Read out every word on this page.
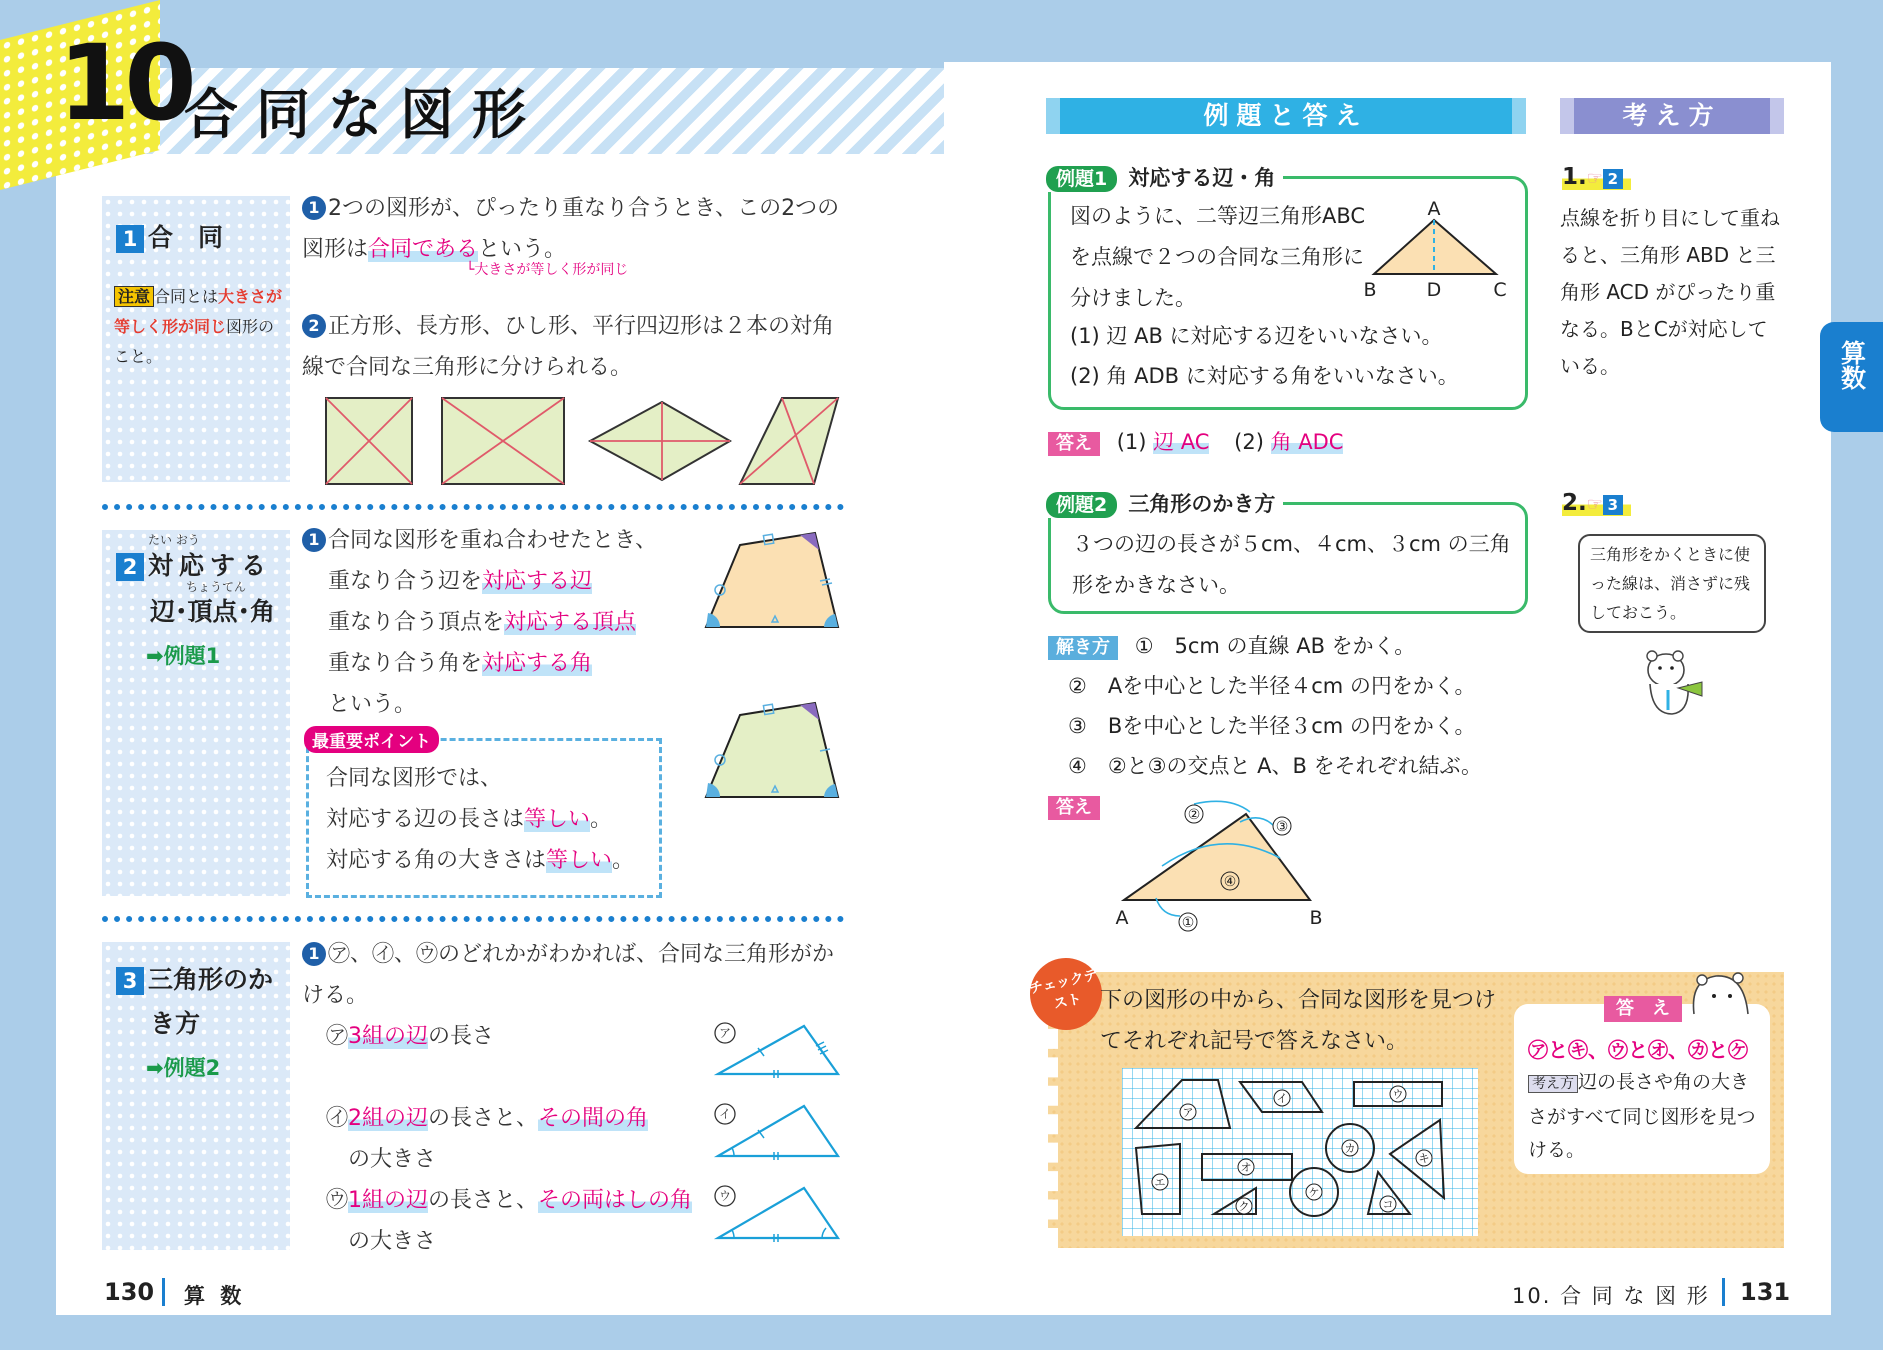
10
合同な図形
1 合　同
注意 合同とは大きさが等しく形が同じ図形のこと。
1 2つの図形が、ぴったり重なり合うとき、この2つの図形は合同であるという。
└大きさが等しく形が同じ
2 正方形、長方形、ひし形、平行四辺形は２本の対角線で合同な三角形に分けられる。
たい おう
2 対応する
ちょうてん
辺･頂点･角
➡例題1
1 合同な図形を重ね合わせたとき、
重なり合う辺を対応する辺
重なり合う頂点を対応する頂点
重なり合う角を対応する角
という。
最重要ポイント
合同な図形では、
対応する辺の長さは等しい。
対応する角の大きさは等しい。
3 三角形のか
き方
➡例題2
1 ㋐、㋑、㋒のどれかがわかれば、合同な三角形がかける。
㋐3組の辺の長さ
㋑2組の辺の長さと、その間の角
の大きさ
㋒1組の辺の長さと、その両はしの角
の大きさ
ア
イ
ウ
130 算 数
例題と答え	考え方
算数
例題1 対応する辺・角
図のように、二等辺三角形ABC を点線で２つの合同な三角形に分けました。
(1) 辺 AB に対応する辺をいいなさい。
(2) 角 ADB に対応する角をいいなさい。
A
B	D	C
答え (1) 辺 AC (2) 角 ADC
1.☞ 2
点線を折り目にして重ねると、三角形 ABD と三角形 ACD がぴったり重なる。BとCが対応している。
例題2 三角形のかき方
３つの辺の長さが５cm、４cm、３cm の三角形をかきなさい。
解き方 ①　5cm の直線 AB をかく。
②　Aを中心とした半径４cm の円をかく。
③　Bを中心とした半径３cm の円をかく。
④　②と③の交点と A、B をそれぞれ結ぶ。
答え	②
③
④
①
A	B
2.☞ 3
三角形をかくときに使った線は、消さずに残しておこう。
チェックテスト 下の図形の中から、合同な図形を見つけてそれぞれ記号で答えなさい。
ア
イ	ウ
エ
オ
カ
キ
ク
ケ
コ
答　え
㋐と㋖、㋒と㋔、㋕と㋘
考え方 辺の長さや角の大きさがすべて同じ図形を見つける。
10. 合 同 な 図 形 131
